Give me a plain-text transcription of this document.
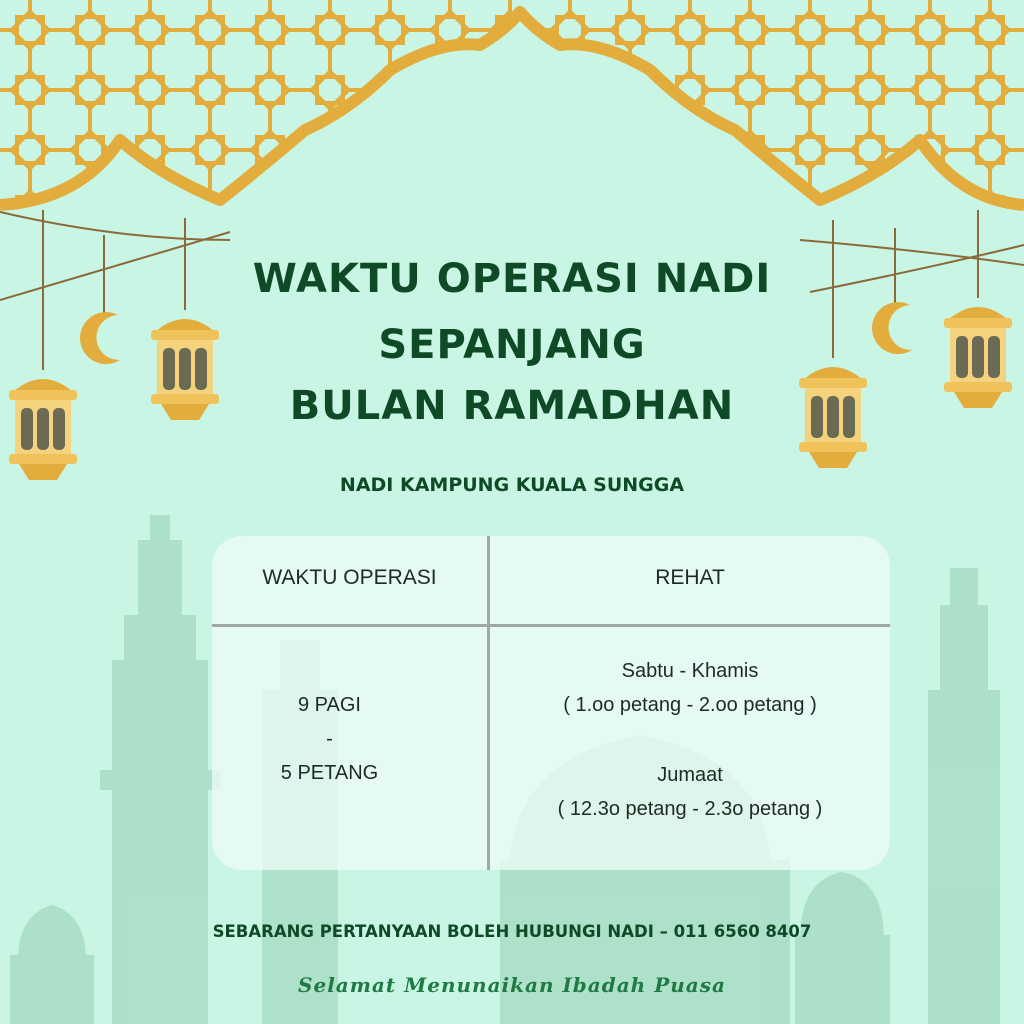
WAKTU OPERASI NADI
SEPANJANG
BULAN RAMADHAN
NADI KAMPUNG KUALA SUNGGA
WAKTU OPERASI	REHAT
9 PAGI
-
5 PETANG
Sabtu - Khamis
( 1.oo petang - 2.oo petang )
Jumaat
( 12.3o petang - 2.3o petang )
SEBARANG PERTANYAAN BOLEH HUBUNGI NADI – 011 6560 8407
Selamat Menunaikan Ibadah Puasa
